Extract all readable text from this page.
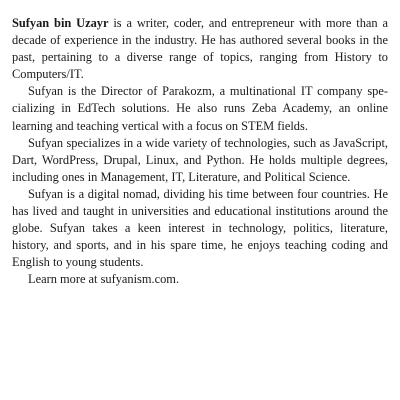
Sufyan bin Uzayr is a writer, coder, and entrepreneur with more than a decade of experience in the industry. He has authored several books in the past, pertaining to a diverse range of topics, ranging from History to Computers/IT.

Sufyan is the Director of Parakozm, a multinational IT company specializing in EdTech solutions. He also runs Zeba Academy, an online learning and teaching vertical with a focus on STEM fields.

Sufyan specializes in a wide variety of technologies, such as JavaScript, Dart, WordPress, Drupal, Linux, and Python. He holds multiple degrees, including ones in Management, IT, Literature, and Political Science.

Sufyan is a digital nomad, dividing his time between four countries. He has lived and taught in universities and educational institutions around the globe. Sufyan takes a keen interest in technology, politics, literature, history, and sports, and in his spare time, he enjoys teaching coding and English to young students.

Learn more at sufyanism.com.
